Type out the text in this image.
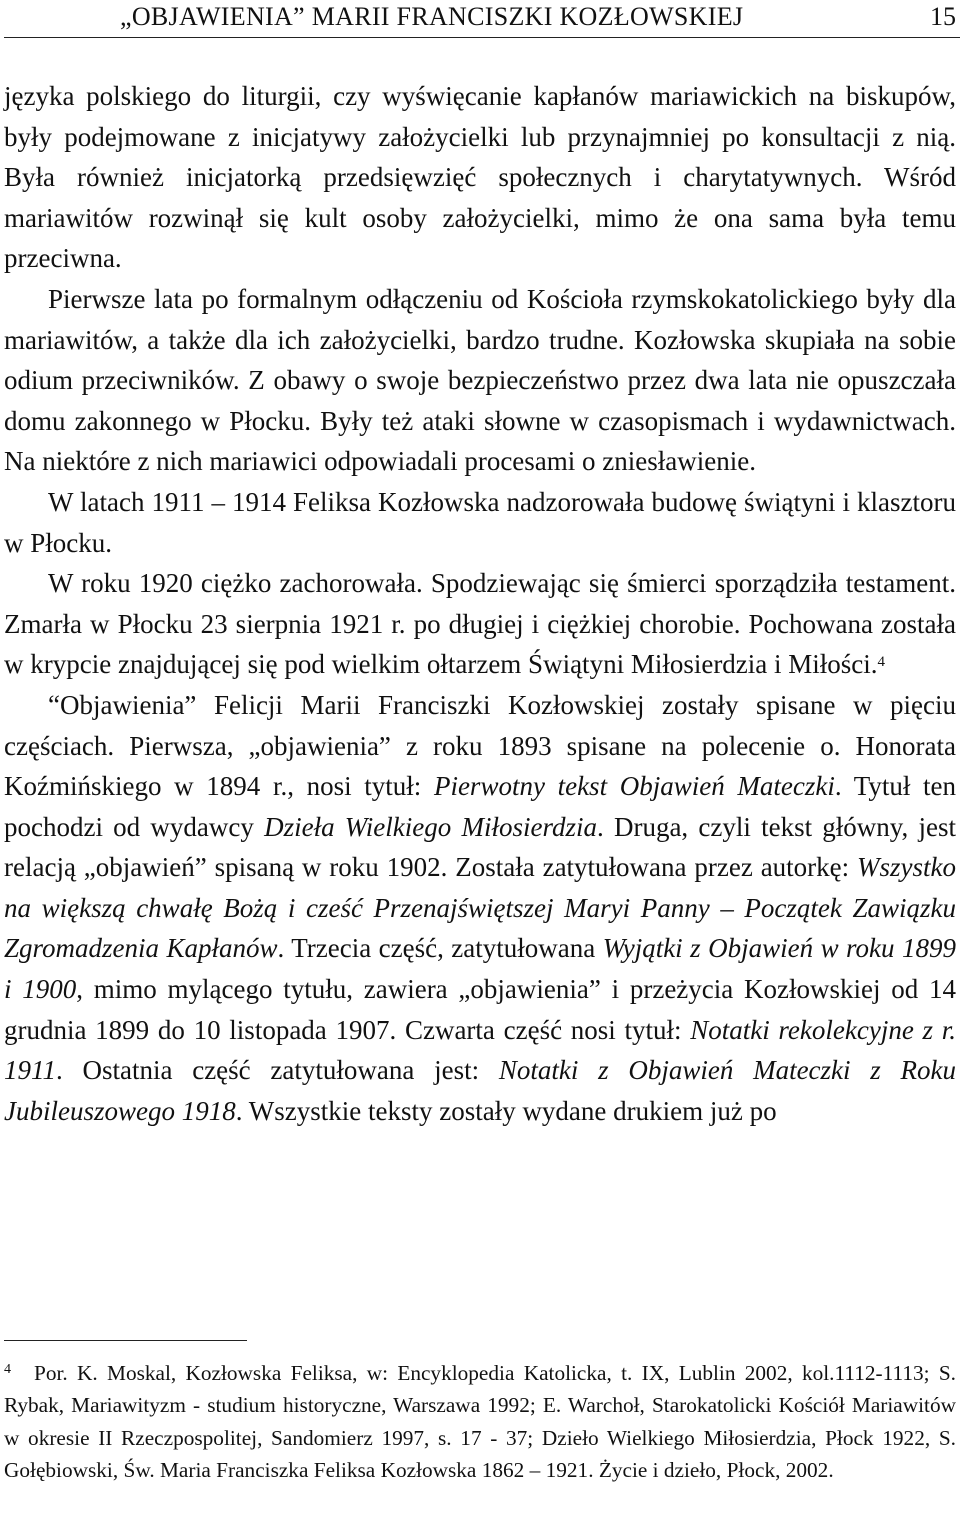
„OBJAWIENIA” MARII FRANCISZKI KOZŁOWSKIEJ	15

języka polskiego do liturgii, czy wyświęcanie kapłanów mariawickich na biskupów, były podejmowane z inicjatywy założycielki lub przynajmniej po konsultacji z nią. Była również inicjatorką przedsięwzięć społecznych i charytatywnych. Wśród mariawitów rozwinął się kult osoby założycielki, mimo że ona sama była temu przeciwna.

Pierwsze lata po formalnym odłączeniu od Kościoła rzymskokatolickiego były dla mariawitów, a także dla ich założycielki, bardzo trudne. Kozłowska skupiała na sobie odium przeciwników. Z obawy o swoje bezpieczeństwo przez dwa lata nie opuszczała domu zakonnego w Płocku. Były też ataki słowne w czasopismach i wydawnictwach. Na niektóre z nich mariawici odpowiadali procesami o zniesławienie.

W latach 1911 – 1914 Feliksa Kozłowska nadzorowała budowę świątyni i klasztoru w Płocku.

W roku 1920 ciężko zachorowała. Spodziewając się śmierci sporządziła testament. Zmarła w Płocku 23 sierpnia 1921 r. po długiej i ciężkiej chorobie. Pochowana została w krypcie znajdującej się pod wielkim ołtarzem Świątyni Miłosierdzia i Miłości.$^4$

“Objawienia” Felicji Marii Franciszki Kozłowskiej zostały spisane w pięciu częściach. Pierwsza, „objawienia” z roku 1893 spisane na polecenie o. Honorata Koźmińskiego w 1894 r., nosi tytuł: Pierwotny tekst Objawień Mateczki. Tytuł ten pochodzi od wydawcy Dzieła Wielkiego Miłosierdzia. Druga, czyli tekst główny, jest relacją „objawień” spisaną w roku 1902. Została zatytułowana przez autorkę: Wszystko na większą chwałę Bożą i cześć Przenajświętszej Maryi Panny – Początek Zawiązku Zgromadzenia Kapłanów. Trzecia część, zatytułowana Wyjątki z Objawień w roku 1899 i 1900, mimo mylącego tytułu, zawiera „objawienia” i przeżycia Kozłowskiej od 14 grudnia 1899 do 10 listopada 1907. Czwarta część nosi tytuł: Notatki rekolekcyjne z r. 1911. Ostatnia część zatytułowana jest: Notatki z Objawień Mateczki z Roku Jubileuszowego 1918. Wszystkie teksty zostały wydane drukiem już po

4 Por. K. Moskal, Kozłowska Feliksa, w: Encyklopedia Katolicka, t. IX, Lublin 2002, kol.1112-1113; S. Rybak, Mariawityzm - studium historyczne, Warszawa 1992; E. Warchoł, Starokatolicki Kościół Mariawitów w okresie II Rzeczpospolitej, Sandomierz 1997, s. 17 - 37; Dzieło Wielkiego Miłosierdzia, Płock 1922, S. Gołębiowski, Św. Maria Franciszka Feliksa Kozłowska 1862 – 1921. Życie i dzieło, Płock, 2002.
